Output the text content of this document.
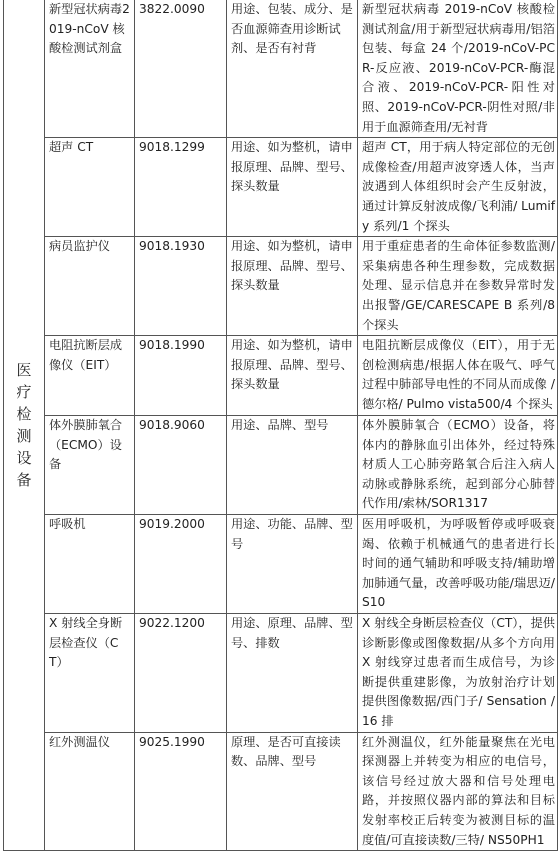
医疗检测设备	新型冠状病毒2019-nCoV 核酸检测试剂盒	3822.0090	用途、包装、成分、是否血源筛查用诊断试剂、是否有衬背	新型冠状病毒 2019-nCoV 核酸检测试剂盒/用于新型冠状病毒用/铝箔包装、每盒 24 个/2019-nCoV-PCR-反应液、2019-nCoV-PCR-酶混合液、2019-nCoV-PCR-阳性对照、2019-nCoV-PCR-阴性对照/非用于血源筛查用/无衬背
	超声 CT	9018.1299	用途、如为整机，请申报原理、品牌、型号、探头数量	超声 CT，用于病人特定部位的无创成像检查/用超声波穿透人体，当声波遇到人体组织时会产生反射波，通过计算反射波成像/飞利浦/ Lumify 系列/1 个探头
	病员监护仪	9018.1930	用途、如为整机，请申报原理、品牌、型号、探头数量	用于重症患者的生命体征参数监测/采集病患各种生理参数，完成数据处理、显示信息并在参数异常时发出报警/GE/CARESCAPE B 系列/8 个探头
	电阻抗断层成像仪（EIT）	9018.1990	用途、如为整机，请申报原理、品牌、型号、探头数量	电阻抗断层成像仪（EIT），用于无创检测病患/根据人体在吸气、呼气过程中肺部导电性的不同从而成像 /德尔格/ Pulmo vista500/4 个探头
	体外膜肺氧合（ECMO）设备	9018.9060	用途、品牌、型号	体外膜肺氧合（ECMO）设备，将体内的静脉血引出体外，经过特殊材质人工心肺旁路氧合后注入病人动脉或静脉系统，起到部分心肺替代作用/索林/SOR1317
	呼吸机	9019.2000	用途、功能、品牌、型号	医用呼吸机，为呼吸暂停或呼吸衰竭、依赖于机械通气的患者进行长时间的通气辅助和呼吸支持/辅助增加肺通气量，改善呼吸功能/瑞思迈/S10
	X 射线全身断层检查仪（CT）	9022.1200	用途、原理、品牌、型号、排数	X 射线全身断层检查仪（CT），提供诊断影像或图像数据/从多个方向用 X 射线穿过患者而生成信号，为诊断提供重建影像，为放射治疗计划提供图像数据/西门子/ Sensation /16 排
	红外测温仪	9025.1990	原理、是否可直接读数、品牌、型号	红外测温仪，红外能量聚焦在光电探测器上并转变为相应的电信号，该信号经过放大器和信号处理电路，并按照仪器内部的算法和目标发射率校正后转变为被测目标的温度值/可直接读数/三特/ NS50PH1
